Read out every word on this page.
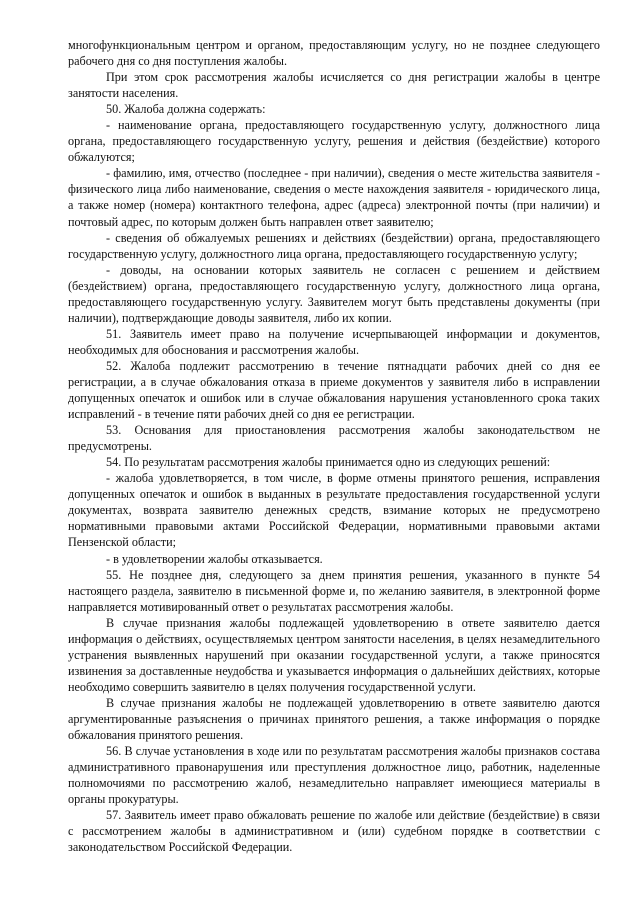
многофункциональным центром и органом, предоставляющим услугу, но не позднее следующего рабочего дня со дня поступления жалобы.

При этом срок рассмотрения жалобы исчисляется со дня регистрации жалобы в центре занятости населения.

50. Жалоба должна содержать:

- наименование органа, предоставляющего государственную услугу, должностного лица органа, предоставляющего государственную услугу, решения и действия (бездействие) которого обжалуются;

- фамилию, имя, отчество (последнее - при наличии), сведения о месте жительства заявителя - физического лица либо наименование, сведения о месте нахождения заявителя - юридического лица, а также номер (номера) контактного телефона, адрес (адреса) электронной почты (при наличии) и почтовый адрес, по которым должен быть направлен ответ заявителю;

- сведения об обжалуемых решениях и действиях (бездействии) органа, предоставляющего государственную услугу, должностного лица органа, предоставляющего государственную услугу;

- доводы, на основании которых заявитель не согласен с решением и действием (бездействием) органа, предоставляющего государственную услугу, должностного лица органа, предоставляющего государственную услугу. Заявителем могут быть представлены документы (при наличии), подтверждающие доводы заявителя, либо их копии.

51. Заявитель имеет право на получение исчерпывающей информации и документов, необходимых для обоснования и рассмотрения жалобы.

52. Жалоба подлежит рассмотрению в течение пятнадцати рабочих дней со дня ее регистрации, а в случае обжалования отказа в приеме документов у заявителя либо в исправлении допущенных опечаток и ошибок или в случае обжалования нарушения установленного срока таких исправлений - в течение пяти рабочих дней со дня ее регистрации.

53. Основания для приостановления рассмотрения жалобы законодательством не предусмотрены.

54. По результатам рассмотрения жалобы принимается одно из следующих решений:

- жалоба удовлетворяется, в том числе, в форме отмены принятого решения, исправления допущенных опечаток и ошибок в выданных в результате предоставления государственной услуги документах, возврата заявителю денежных средств, взимание которых не предусмотрено нормативными правовыми актами Российской Федерации, нормативными правовыми актами Пензенской области;

- в удовлетворении жалобы отказывается.

55. Не позднее дня, следующего за днем принятия решения, указанного в пункте 54 настоящего раздела, заявителю в письменной форме и, по желанию заявителя, в электронной форме направляется мотивированный ответ о результатах рассмотрения жалобы.

В случае признания жалобы подлежащей удовлетворению в ответе заявителю дается информация о действиях, осуществляемых центром занятости населения, в целях незамедлительного устранения выявленных нарушений при оказании государственной услуги, а также приносятся извинения за доставленные неудобства и указывается информация о дальнейших действиях, которые необходимо совершить заявителю в целях получения государственной услуги.

В случае признания жалобы не подлежащей удовлетворению в ответе заявителю даются аргументированные разъяснения о причинах принятого решения, а также информация о порядке обжалования принятого решения.

56. В случае установления в ходе или по результатам рассмотрения жалобы признаков состава административного правонарушения или преступления должностное лицо, работник, наделенные полномочиями по рассмотрению жалоб, незамедлительно направляет имеющиеся материалы в органы прокуратуры.

57. Заявитель имеет право обжаловать решение по жалобе или действие (бездействие) в связи с рассмотрением жалобы в административном и (или) судебном порядке в соответствии с законодательством Российской Федерации.
